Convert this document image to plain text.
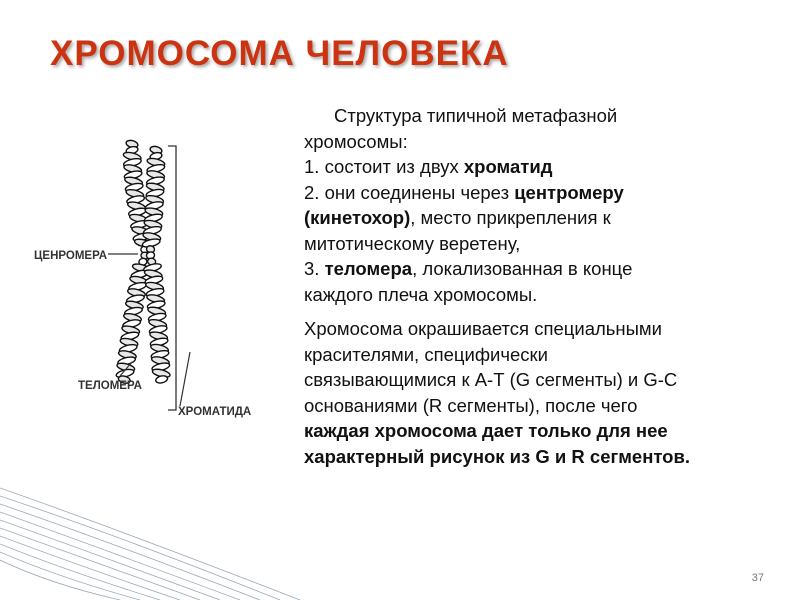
ХРОМОСОМА ЧЕЛОВЕКА
ЦЕНРОМЕРА
ТЕЛОМЕРА
ХРОМАТИДА

Структура типичной метафазной хромосомы:
1. состоит из двух хроматид
2. они соединены через центромеру (кинетохор), место прикрепления к митотическому веретену,
3. теломера, локализованная в конце каждого плеча хромосомы.

Хромосома окрашивается специальными красителями, специфически связывающимися к А-Т (G сегменты) и G-C основаниями (R сегменты), после чего каждая хромосома дает только для нее характерный рисунок из G и R сегментов.

37
